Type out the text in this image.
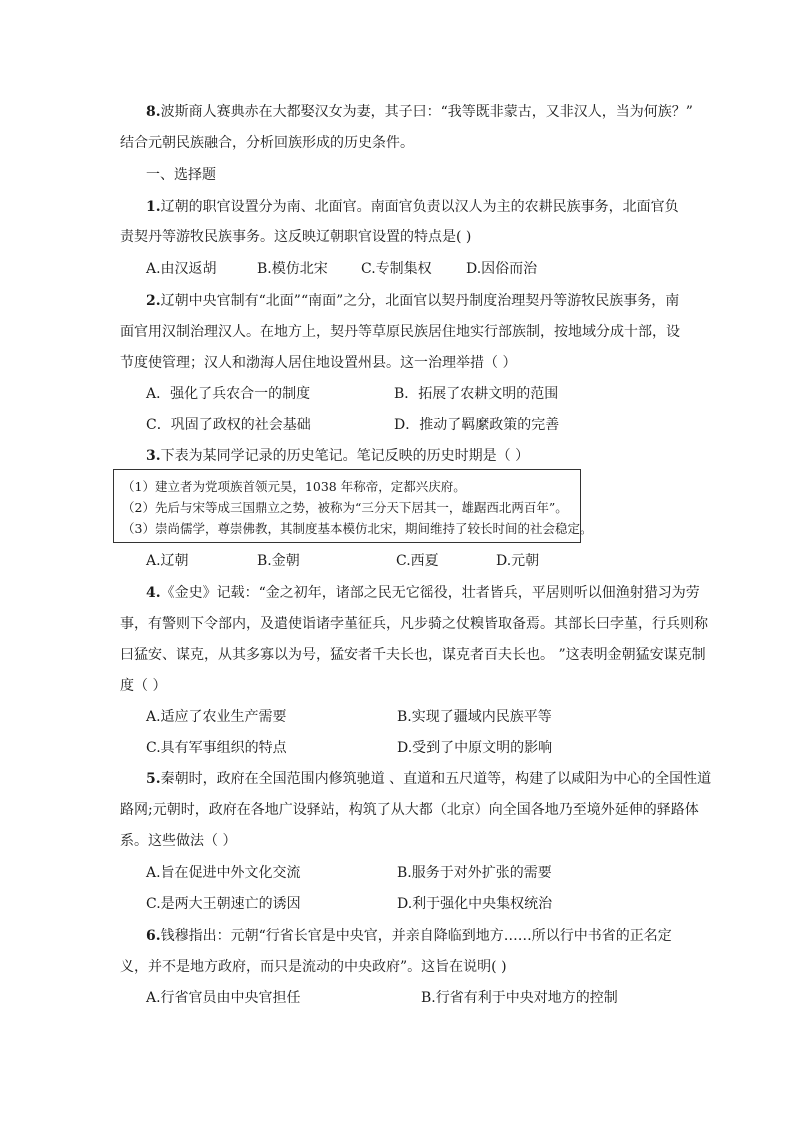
8.波斯商人赛典赤在大都娶汉女为妻，其子曰：“我等既非蒙古，又非汉人，当为何族？”
结合元朝民族融合，分析回族形成的历史条件。
一、选择题
1.辽朝的职官设置分为南、北面官。南面官负责以汉人为主的农耕民族事务，北面官负
责契丹等游牧民族事务。这反映辽朝职官设置的特点是( )
A.由汉返胡	B.模仿北宋 C.专制集权 D.因俗而治
2.辽朝中央官制有“北面”“南面”之分，北面官以契丹制度治理契丹等游牧民族事务，南
面官用汉制治理汉人。在地方上，契丹等草原民族居住地实行部族制，按地域分成十部，设
节度使管理；汉人和渤海人居住地设置州县。这一治理举措（ ）
A．强化了兵农合一的制度	B．拓展了农耕文明的范围
C．巩固了政权的社会基础	D．推动了羁縻政策的完善
3.下表为某同学记录的历史笔记。笔记反映的历史时期是（ ）
（1）建立者为党项族首领元昊，1038 年称帝，定都兴庆府。
（2）先后与宋等成三国鼎立之势，被称为“三分天下居其一，雄踞西北两百年”。
（3）崇尚儒学，尊崇佛教，其制度基本模仿北宋，期间维持了较长时间的社会稳定。
A.辽朝	B.金朝	C.西夏	D.元朝
4.《金史》记载：“金之初年，诸部之民无它徭役，壮者皆兵，平居则听以佃渔射猎习为劳
事，有警则下令部内，及遣使诣诸孛堇征兵，凡步骑之仗糗皆取备焉。其部长曰孛堇，行兵则称
曰猛安、谋克，从其多寡以为号，猛安者千夫长也，谋克者百夫长也。 ”这表明金朝猛安谋克制
度（ ）
A.适应了农业生产需要	B.实现了疆域内民族平等
C.具有军事组织的特点	D.受到了中原文明的影响
5.秦朝时，政府在全国范围内修筑驰道 、直道和五尺道等，构建了以咸阳为中心的全国性道
路网;元朝时，政府在各地广设驿站，构筑了从大都（北京）向全国各地乃至境外延伸的驿路体
系。这些做法（ ）
A.旨在促进中外文化交流	B.服务于对外扩张的需要
C.是两大王朝速亡的诱因	D.利于强化中央集权统治
6.钱穆指出：元朝“行省长官是中央官，并亲自降临到地方……所以行中书省的正名定
义，并不是地方政府，而只是流动的中央政府”。这旨在说明( )
A.行省官员由中央官担任	B.行省有利于中央对地方的控制
